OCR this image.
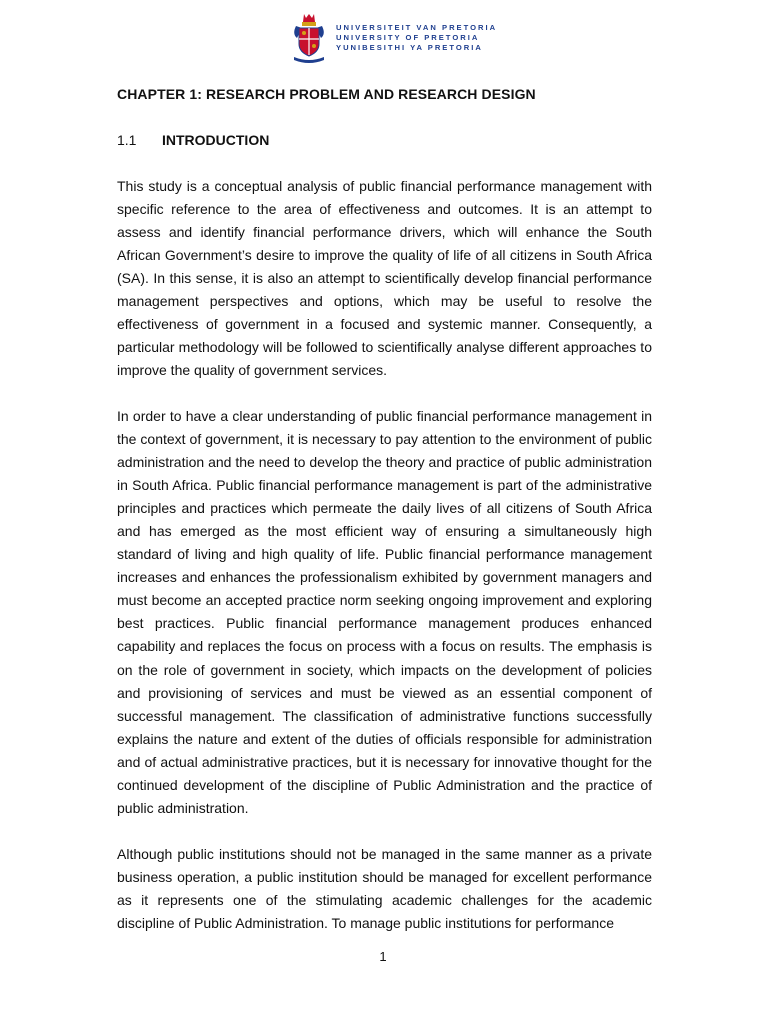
UNIVERSITEIT VAN PRETORIA
UNIVERSITY OF PRETORIA
YUNIBESITHI YA PRETORIA
CHAPTER 1: RESEARCH PROBLEM AND RESEARCH DESIGN
1.1	INTRODUCTION

This study is a conceptual analysis of public financial performance management with specific reference to the area of effectiveness and outcomes. It is an attempt to assess and identify financial performance drivers, which will enhance the South African Government’s desire to improve the quality of life of all citizens in South Africa (SA). In this sense, it is also an attempt to scientifically develop financial performance management perspectives and options, which may be useful to resolve the effectiveness of government in a focused and systemic manner. Consequently, a particular methodology will be followed to scientifically analyse different approaches to improve the quality of government services.

In order to have a clear understanding of public financial performance management in the context of government, it is necessary to pay attention to the environment of public administration and the need to develop the theory and practice of public administration in South Africa. Public financial performance management is part of the administrative principles and practices which permeate the daily lives of all citizens of South Africa and has emerged as the most efficient way of ensuring a simultaneously high standard of living and high quality of life. Public financial performance management increases and enhances the professionalism exhibited by government managers and must become an accepted practice norm seeking ongoing improvement and exploring best practices. Public financial performance management produces enhanced capability and replaces the focus on process with a focus on results. The emphasis is on the role of government in society, which impacts on the development of policies and provisioning of services and must be viewed as an essential component of successful management. The classification of administrative functions successfully explains the nature and extent of the duties of officials responsible for administration and of actual administrative practices, but it is necessary for innovative thought for the continued development of the discipline of Public Administration and the practice of public administration.

Although public institutions should not be managed in the same manner as a private business operation, a public institution should be managed for excellent performance as it represents one of the stimulating academic challenges for the academic discipline of Public Administration. To manage public institutions for performance

1
